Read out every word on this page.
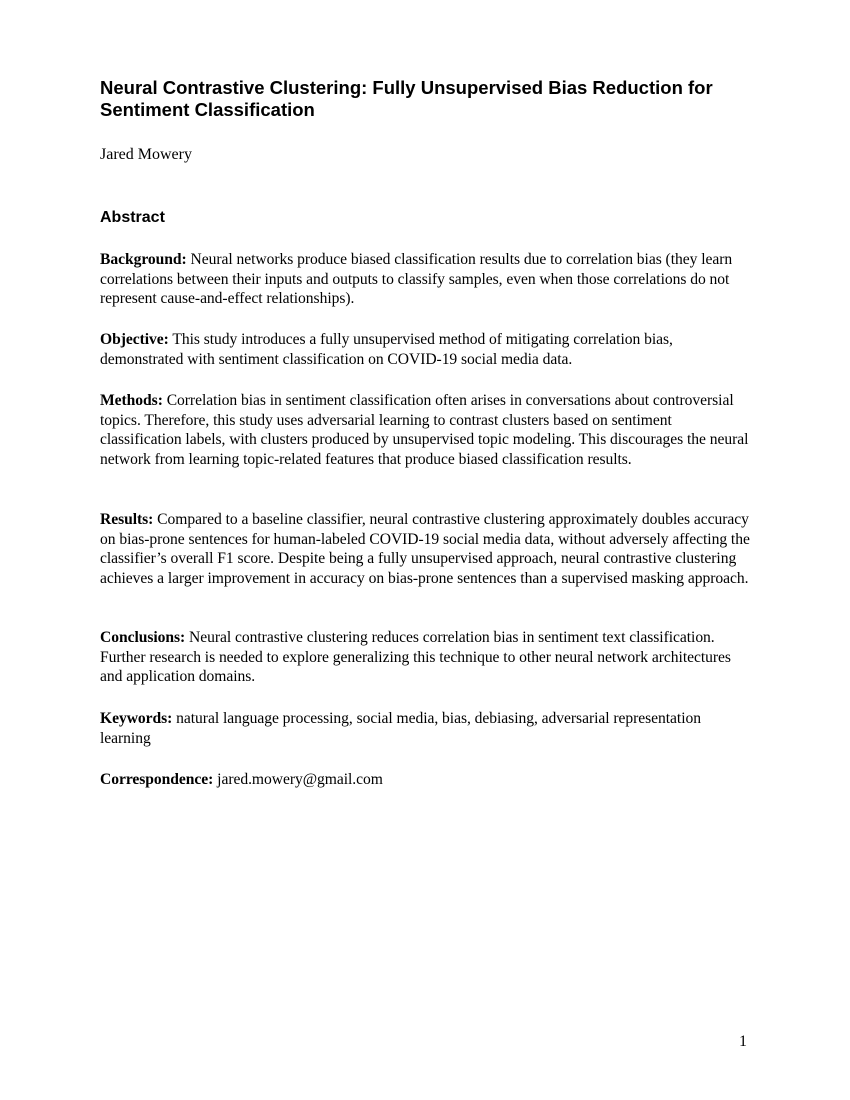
Neural Contrastive Clustering: Fully Unsupervised Bias Reduction for Sentiment Classification
Jared Mowery
Abstract

Background: Neural networks produce biased classification results due to correlation bias (they learn correlations between their inputs and outputs to classify samples, even when those correlations do not represent cause-and-effect relationships).

Objective: This study introduces a fully unsupervised method of mitigating correlation bias, demonstrated with sentiment classification on COVID-19 social media data.

Methods: Correlation bias in sentiment classification often arises in conversations about controversial topics. Therefore, this study uses adversarial learning to contrast clusters based on sentiment classification labels, with clusters produced by unsupervised topic modeling. This discourages the neural network from learning topic-related features that produce biased classification results.

Results: Compared to a baseline classifier, neural contrastive clustering approximately doubles accuracy on bias-prone sentences for human-labeled COVID-19 social media data, without adversely affecting the classifier’s overall F1 score. Despite being a fully unsupervised approach, neural contrastive clustering achieves a larger improvement in accuracy on bias-prone sentences than a supervised masking approach.

Conclusions: Neural contrastive clustering reduces correlation bias in sentiment text classification. Further research is needed to explore generalizing this technique to other neural network architectures and application domains.

Keywords: natural language processing, social media, bias, debiasing, adversarial representation learning

Correspondence: jared.mowery@gmail.com

1
